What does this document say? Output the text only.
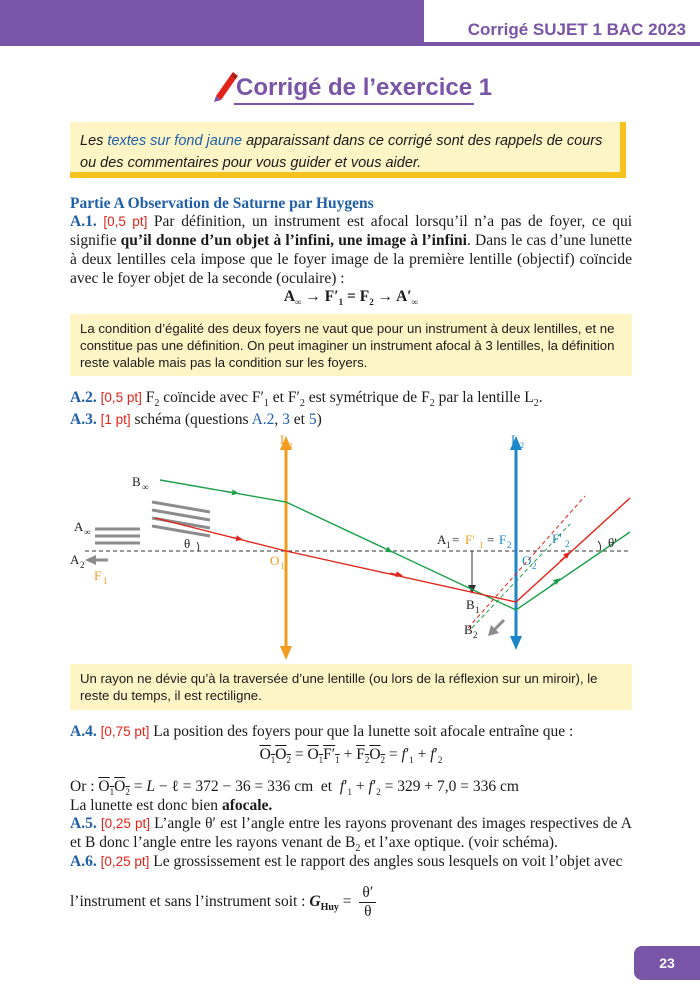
Corrigé SUJET 1 BAC 2023
Corrigé de l’exercice 1
Les textes sur fond jaune apparaissant dans ce corrigé sont des rappels de cours ou des commentaires pour vous guider et vous aider.
Partie A Observation de Saturne par Huygens
A.1. [0,5 pt] Par définition, un instrument est afocal lorsqu’il n’a pas de foyer, ce qui signifie qu’il donne d’un objet à l’infini, une image à l’infini. Dans le cas d’une lunette à deux lentilles cela impose que le foyer image de la première lentille (objectif) coïncide avec le foyer objet de la seconde (oculaire) :
$A_\infty \to F'_1 = F_2 \to A'_\infty$
La condition d’égalité des deux foyers ne vaut que pour un instrument à deux lentilles, et ne constitue pas une définition. On peut imaginer un instrument afocal à 3 lentilles, la définition reste valable mais pas la condition sur les foyers.
A.2. [0,5 pt] $F_2$ coïncide avec $F'_1$ et $F'_2$ est symétrique de $F_2$ par la lentille $L_2$.
A.3. [1 pt] schéma (questions A.2, 3 et 5)
L 1	L 2
B ∞
A ∞
A 2
F 1
θ
O 1
A 1 = F′ 1 = F 2
O 2
F′ 2	θ′
B 1
B 2
Un rayon ne dévie qu’à la traversée d’une lentille (ou lors de la réflexion sur un miroir), le reste du temps, il est rectiligne.
A.4. [0,75 pt] La position des foyers pour que la lunette soit afocale entraîne que :
$O_1O_2 = O_1F'_1 + F_2O_2 = f'_1 + f'_2$
Or : $O_1O_2 = L$ − ℓ = 372 − 36 = 336 cm  et  $f'_1 + f'_2 = 329 + 7,0 = 336$ cm
La lunette est donc bien afocale.
A.5. [0,25 pt] L’angle θ′ est l’angle entre les rayons provenant des images respectives de A et B donc l’angle entre les rayons venant de $B_2$ et l’axe optique. (voir schéma).
A.6. [0,25 pt] Le grossissement est le rapport des angles sous lesquels on voit l’objet avec
l’instrument et sans l’instrument soit : $G_{Huy} = \frac{\theta'}{\theta}$
23
